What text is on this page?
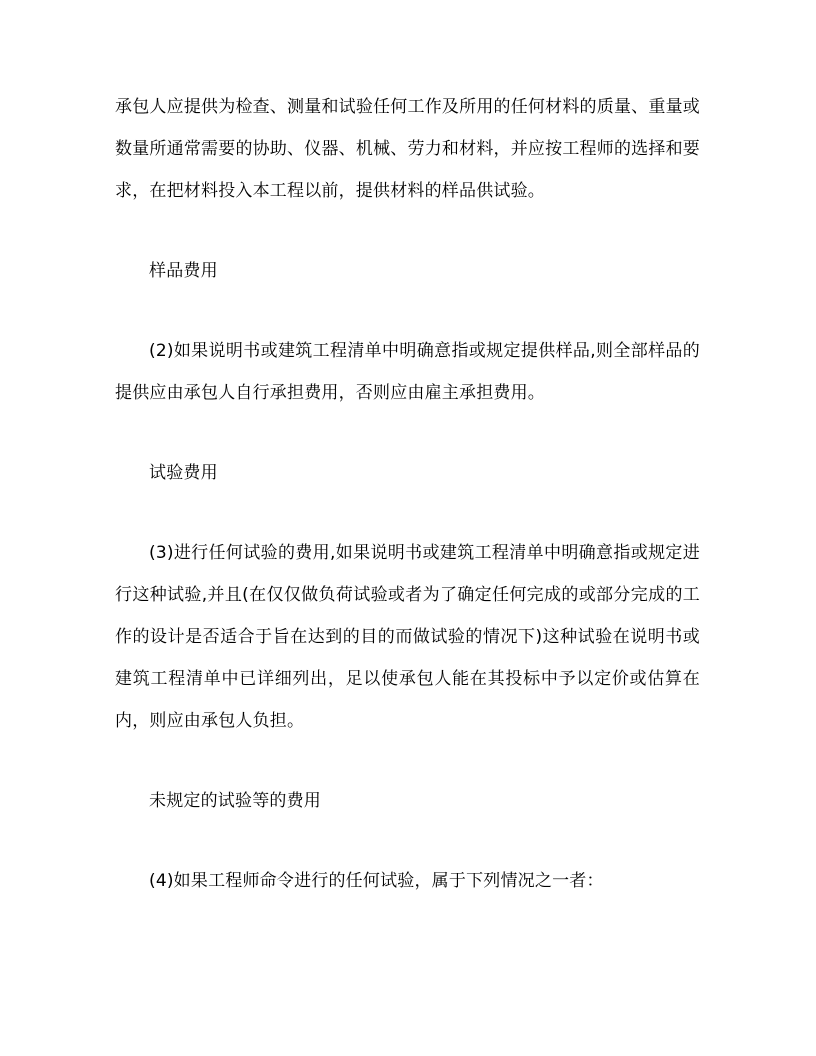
承包人应提供为检查、测量和试验任何工作及所用的任何材料的质量、重量或数量所通常需要的协助、仪器、机械、劳力和材料，并应按工程师的选择和要求，在把材料投入本工程以前，提供材料的样品供试验。
样品费用
(2)如果说明书或建筑工程清单中明确意指或规定提供样品,则全部样品的提供应由承包人自行承担费用，否则应由雇主承担费用。
试验费用
(3)进行任何试验的费用,如果说明书或建筑工程清单中明确意指或规定进行这种试验,并且(在仅仅做负荷试验或者为了确定任何完成的或部分完成的工作的设计是否适合于旨在达到的目的而做试验的情况下)这种试验在说明书或建筑工程清单中已详细列出，足以使承包人能在其投标中予以定价或估算在内，则应由承包人负担。
未规定的试验等的费用
(4)如果工程师命令进行的任何试验，属于下列情况之一者：
